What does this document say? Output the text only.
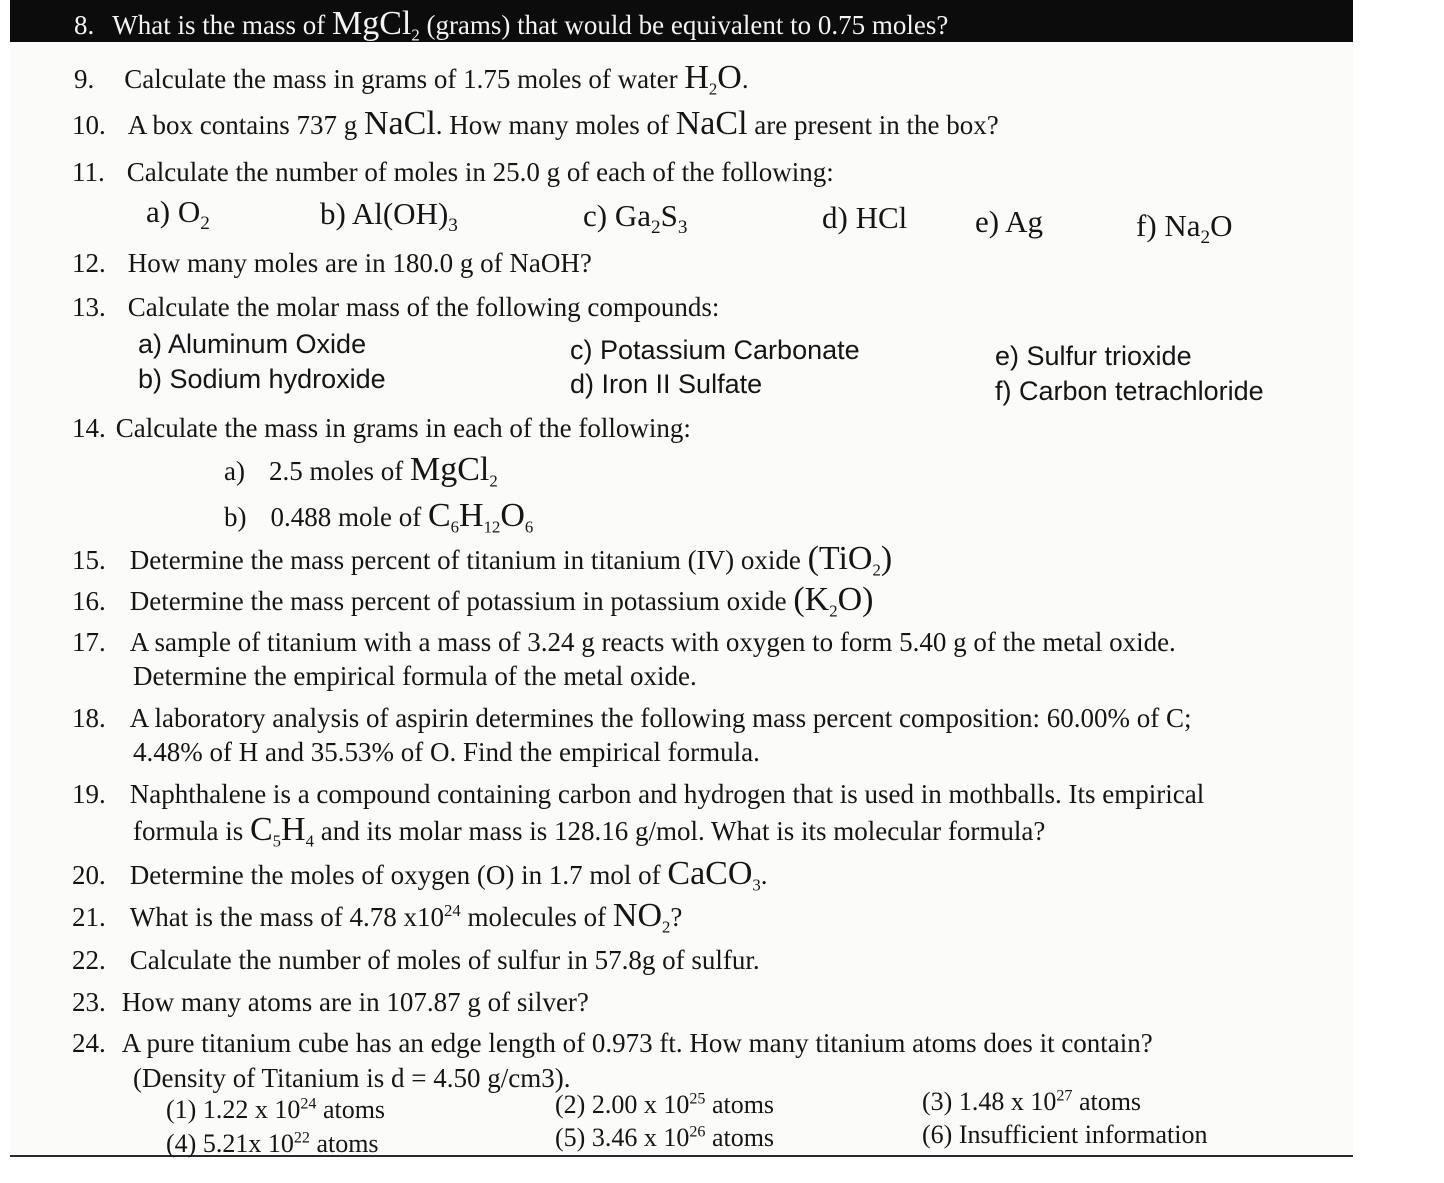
8. What is the mass of MgCl$_2$ (grams) that would be equivalent to 0.75 moles?
9. Calculate the mass in grams of 1.75 moles of water $H_2O$.
10. A box contains 737 g NaCl. How many moles of NaCl are present in the box?
11. Calculate the number of moles in 25.0 g of each of the following:
a) $O_2$	b) $Al(OH)_3$	c) $Ga_2S_3$	d) HCl e) Ag	f) $Na_2O$
12. How many moles are in 180.0 g of NaOH?
13. Calculate the molar mass of the following compounds:
a) Aluminum Oxide
b) Sodium hydroxide
c) Potassium Carbonate
d) Iron II Sulfate
e) Sulfur trioxide
f) Carbon tetrachloride
14. Calculate the mass in grams in each of the following:
a) 2.5 moles of MgCl$_2$
b) 0.488 mole of $C_6H_{12}O_6$
15. Determine the mass percent of titanium in titanium (IV) oxide (TiO$_2$)
16. Determine the mass percent of potassium in potassium oxide $(K_2O)$
17. A sample of titanium with a mass of 3.24 g reacts with oxygen to form 5.40 g of the metal oxide.
Determine the empirical formula of the metal oxide.
18. A laboratory analysis of aspirin determines the following mass percent composition: 60.00% of C;
4.48% of H and 35.53% of O. Find the empirical formula.
19. Naphthalene is a compound containing carbon and hydrogen that is used in mothballs. Its empirical
formula is $C_5H_4$ and its molar mass is 128.16 g/mol. What is its molecular formula?
20. Determine the moles of oxygen (O) in 1.7 mol of CaCO$_3$.
21. What is the mass of 4.78 $x10^{24}$ molecules of $NO_2$?
22. Calculate the number of moles of sulfur in 57.8g of sulfur.
23. How many atoms are in 107.87 g of silver?
24. A pure titanium cube has an edge length of 0.973 ft. How many titanium atoms does it contain?
(Density of Titanium is d = 4.50 g/cm3).
(1) 1.22 x $10^{24}$ atoms	(2) 2.00 x $10^{25}$ atoms	(3) 1.48 x $10^{27}$ atoms
(4) 5.21x $10^{22}$ atoms	(5) 3.46 x $10^{26}$ atoms	(6) Insufficient information
